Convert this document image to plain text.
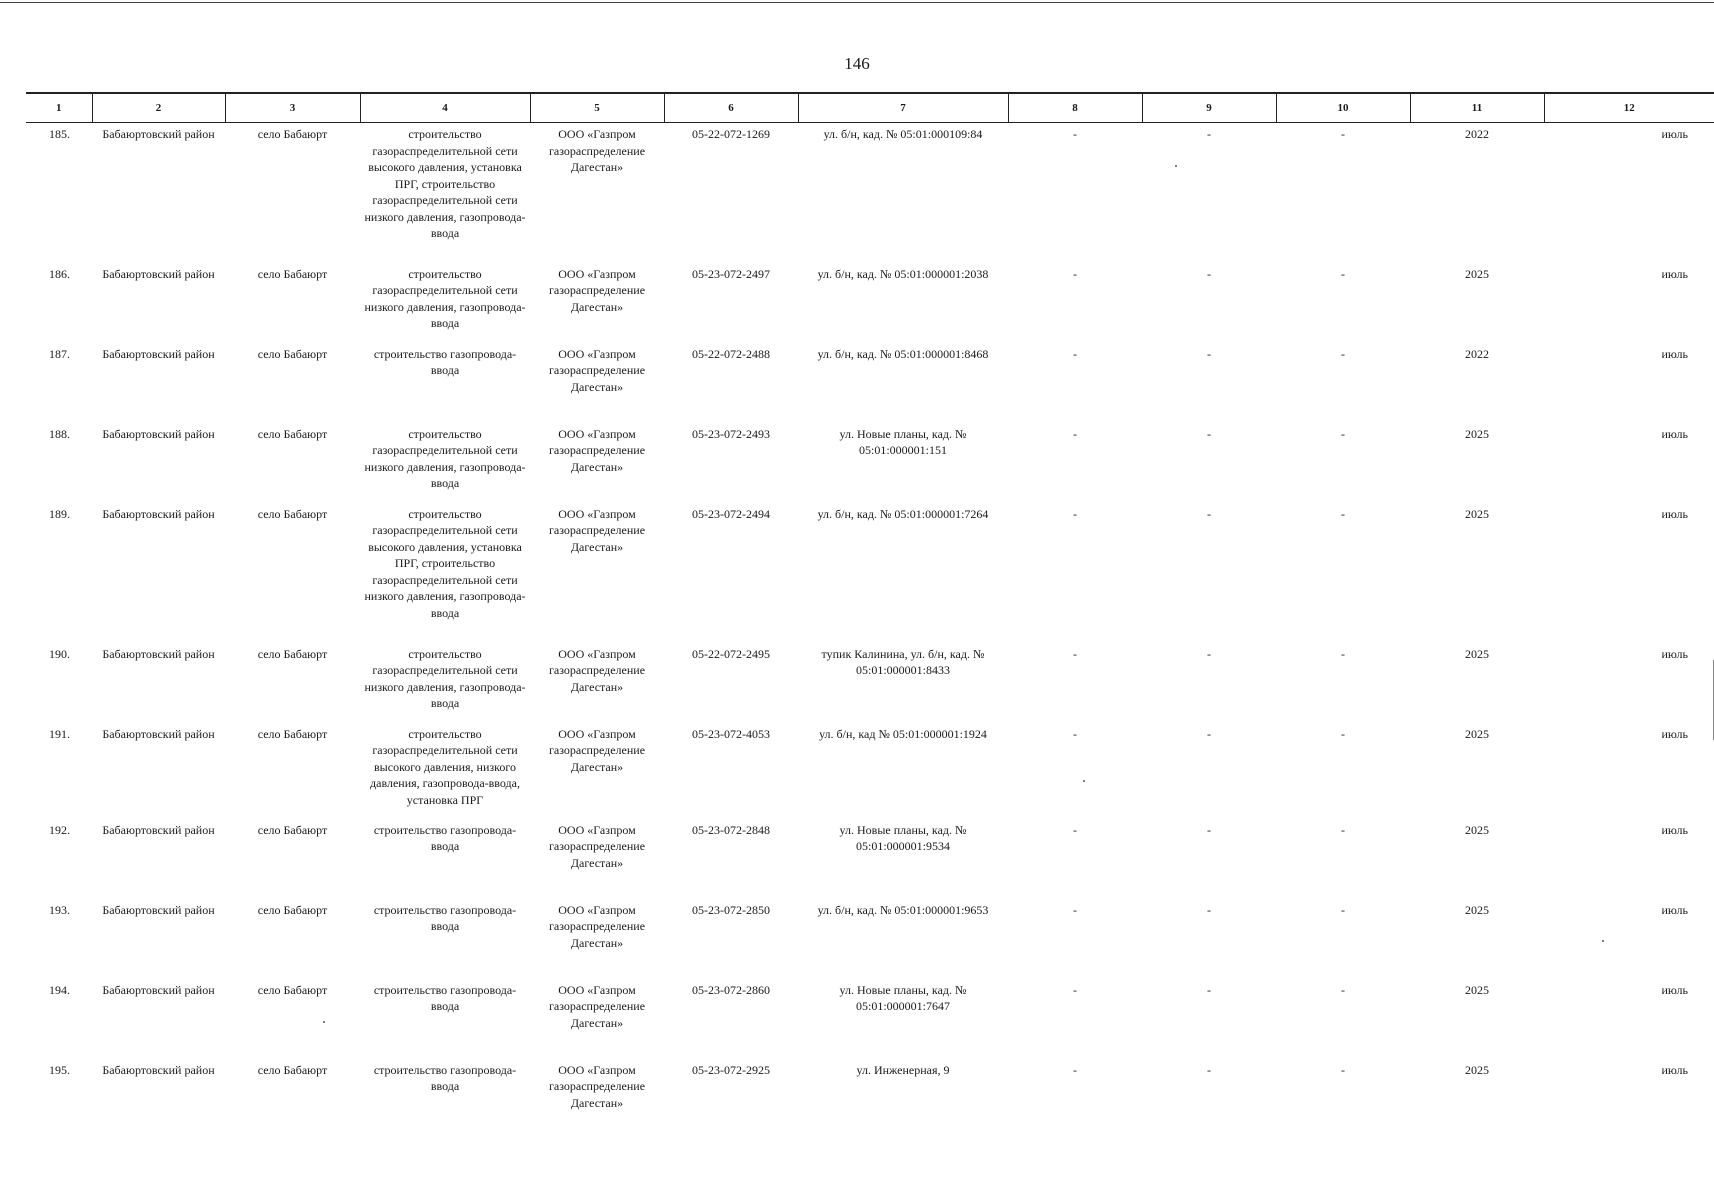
146
1	2	3	4	5	6	7	8	9	10	11	12
185.	Бабаюртовский район	село Бабаюрт	строительство газораспределительной сети высокого давления, установка ПРГ, строительство газораспределительной сети низкого давления, газопровода-ввода	ООО «Газпром газораспределение Дагестан»	05-22-072-1269	ул. б/н, кад. № 05:01:000109:84	-	-	-	2022	июль
186.	Бабаюртовский район	село Бабаюрт	строительство газораспределительной сети низкого давления, газопровода-ввода	ООО «Газпром газораспределение Дагестан»	05-23-072-2497	ул. б/н, кад. № 05:01:000001:2038	-	-	-	2025	июль
187.	Бабаюртовский район	село Бабаюрт	строительство газопровода-ввода	ООО «Газпром газораспределение Дагестан»	05-22-072-2488	ул. б/н, кад. № 05:01:000001:8468	-	-	-	2022	июль
188.	Бабаюртовский район	село Бабаюрт	строительство газораспределительной сети низкого давления, газопровода-ввода	ООО «Газпром газораспределение Дагестан»	05-23-072-2493	ул. Новые планы, кад. № 05:01:000001:151	-	-	-	2025	июль
189.	Бабаюртовский район	село Бабаюрт	строительство газораспределительной сети высокого давления, установка ПРГ, строительство газораспределительной сети низкого давления, газопровода-ввода	ООО «Газпром газораспределение Дагестан»	05-23-072-2494	ул. б/н, кад. № 05:01:000001:7264	-	-	-	2025	июль
190.	Бабаюртовский район	село Бабаюрт	строительство газораспределительной сети низкого давления, газопровода-ввода	ООО «Газпром газораспределение Дагестан»	05-22-072-2495	тупик Калинина, ул. б/н, кад. № 05:01:000001:8433	-	-	-	2025	июль
191.	Бабаюртовский район	село Бабаюрт	строительство газораспределительной сети высокого давления, низкого давления, газопровода-ввода, установка ПРГ	ООО «Газпром газораспределение Дагестан»	05-23-072-4053	ул. б/н, кад № 05:01:000001:1924	-	-	-	2025	июль
192.	Бабаюртовский район	село Бабаюрт	строительство газопровода-ввода	ООО «Газпром газораспределение Дагестан»	05-23-072-2848	ул. Новые планы, кад. № 05:01:000001:9534	-	-	-	2025	июль
193.	Бабаюртовский район	село Бабаюрт	строительство газопровода-ввода	ООО «Газпром газораспределение Дагестан»	05-23-072-2850	ул. б/н, кад. № 05:01:000001:9653	-	-	-	2025	июль
194.	Бабаюртовский район	село Бабаюрт	строительство газопровода-ввода	ООО «Газпром газораспределение Дагестан»	05-23-072-2860	ул. Новые планы, кад. № 05:01:000001:7647	-	-	-	2025	июль
195.	Бабаюртовский район	село Бабаюрт	строительство газопровода-ввода	ООО «Газпром газораспределение Дагестан»	05-23-072-2925	ул. Инженерная, 9	-	-	-	2025	июль
